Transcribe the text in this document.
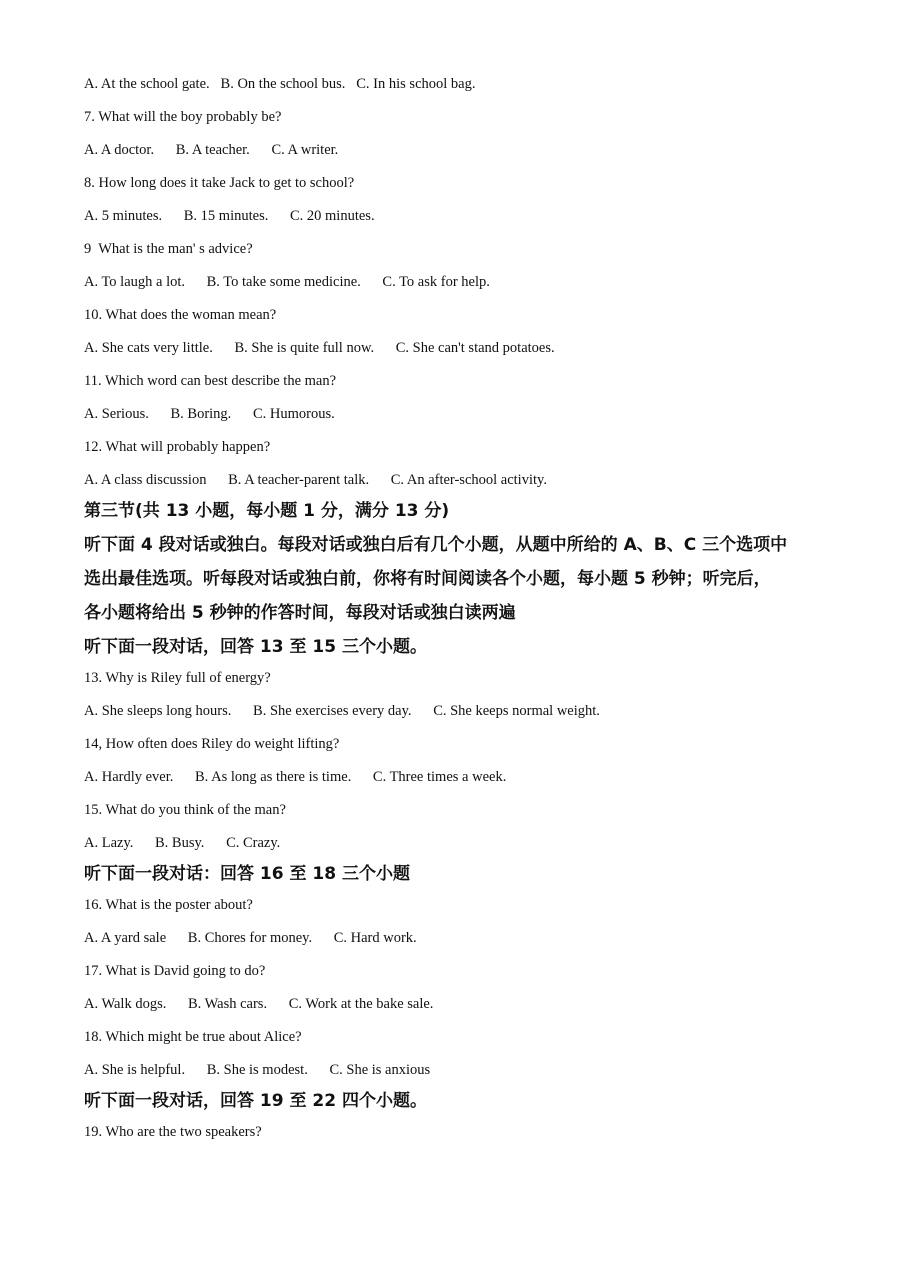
A. At the school gate.   B. On the school bus.   C. In his school bag.

7. What will the boy probably be?

A. A doctor. B. A teacher. C. A writer.

8. How long does it take Jack to get to school?

A. 5 minutes. B. 15 minutes. C. 20 minutes.

9  What is the man' s advice?

A. To laugh a lot. B. To take some medicine. C. To ask for help.

10. What does the woman mean?

A. She cats very little. B. She is quite full now. C. She can't stand potatoes.

11. Which word can best describe the man?

A. Serious. B. Boring. C. Humorous.

12. What will probably happen?

A. A class discussion B. A teacher-parent talk. C. An after-school activity.

第三节(共 13 小题，每小题 1 分，满分 13 分)

听下面 4 段对话或独白。每段对话或独白后有几个小题，从题中所给的 A、B、C 三个选项中

选出最佳选项。听每段对话或独白前，你将有时间阅读各个小题，每小题 5 秒钟；听完后，

各小题将给出 5 秒钟的作答时间，每段对话或独白读两遍

听下面一段对话，回答 13 至 15 三个小题。

13. Why is Riley full of energy?

A. She sleeps long hours. B. She exercises every day. C. She keeps normal weight.

14, How often does Riley do weight lifting?

A. Hardly ever. B. As long as there is time. C. Three times a week.

15. What do you think of the man?

A. Lazy. B. Busy. C. Crazy.

听下面一段对话：回答 16 至 18 三个小题

16. What is the poster about?

A. A yard sale B. Chores for money. C. Hard work.

17. What is David going to do?

A. Walk dogs. B. Wash cars. C. Work at the bake sale.

18. Which might be true about Alice?

A. She is helpful. B. She is modest. C. She is anxious

听下面一段对话，回答 19 至 22 四个小题。

19. Who are the two speakers?
